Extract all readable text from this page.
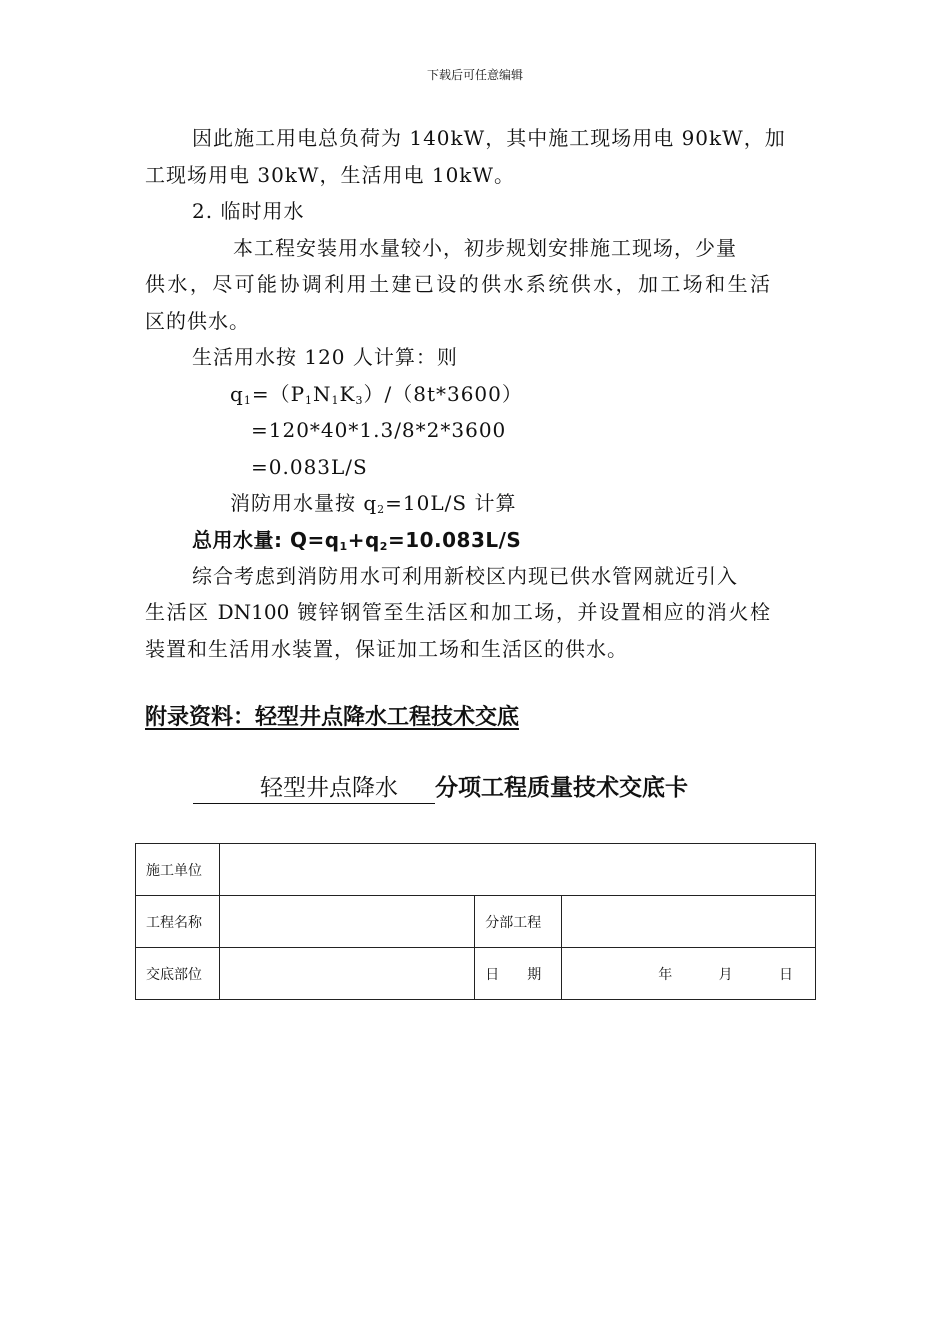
下载后可任意编辑
因此施工用电总负荷为 140kW，其中施工现场用电 90kW，加
工现场用电 30kW，生活用电 10kW。
2. 临时用水
本工程安装用水量较小，初步规划安排施工现场，少量
供水，尽可能协调利用土建已设的供水系统供水，加工场和生活
区的供水。
生活用水按 120 人计算：则
$q_1=(P_1N_1K_3)/(8t*3600)$
=120*40*1.3/8*2*3600
=0.083L/S
消防用水量按 $q_2=10L/S$ 计算
总用水量: $Q=q_1+q_2=10.083L/S$
综合考虑到消防用水可利用新校区内现已供水管网就近引入
生活区 DN100 镀锌钢管至生活区和加工场，并设置相应的消火栓
装置和生活用水装置，保证加工场和生活区的供水。
附录资料：轻型井点降水工程技术交底
轻型井点降水 分项工程质量技术交底卡
施工单位			
工程名称		分部工程	
交底部位		日　　期	年 月 日
